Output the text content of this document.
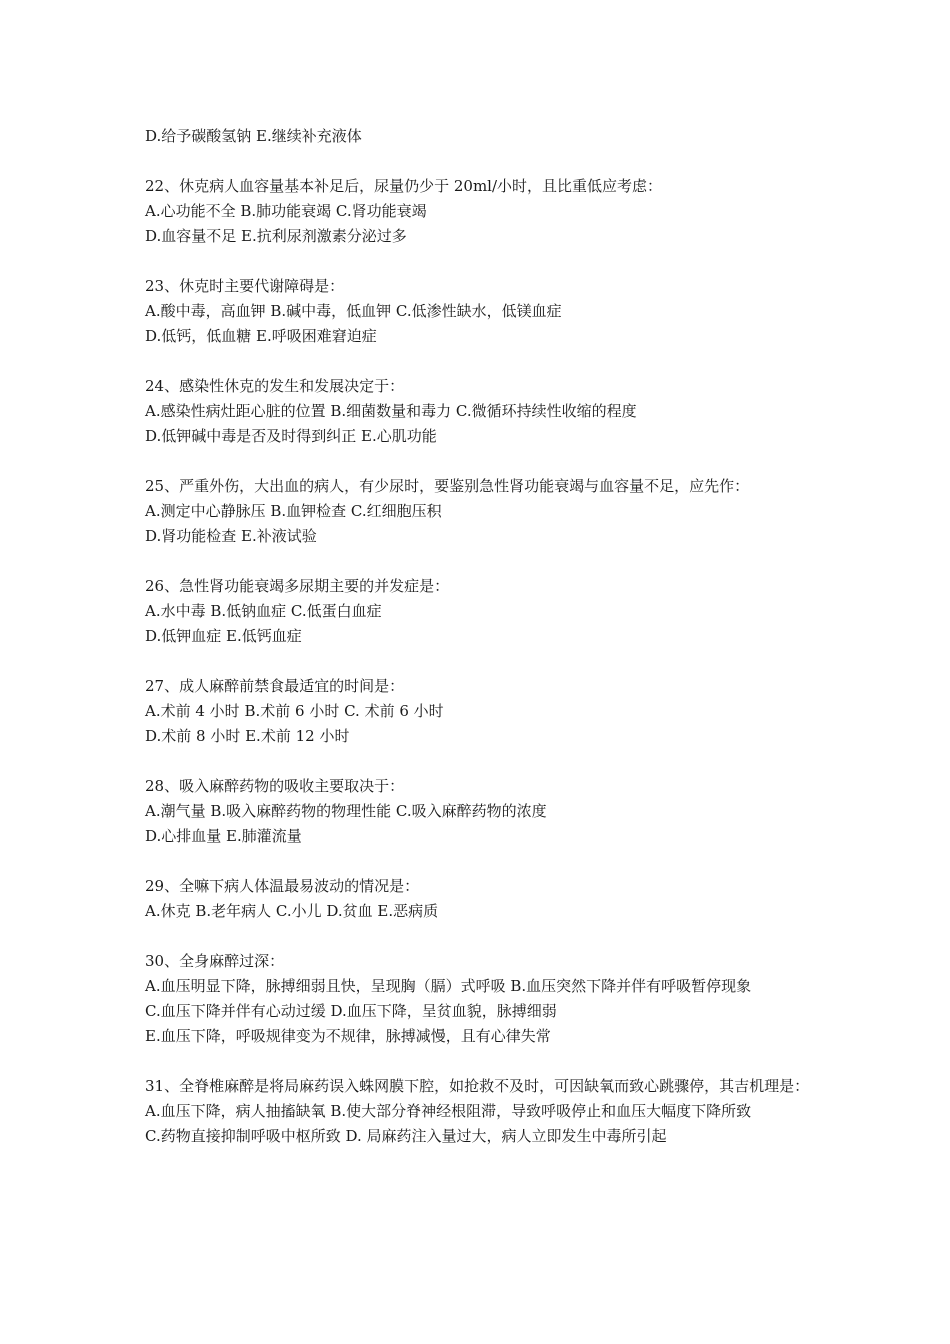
D.给予碳酸氢钠 E.继续补充液体
22、休克病人血容量基本补足后，尿量仍少于 20ml/小时，且比重低应考虑：
A.心功能不全 B.肺功能衰竭 C.肾功能衰竭
D.血容量不足 E.抗利尿剂激素分泌过多
23、休克时主要代谢障碍是：
A.酸中毒，高血钾 B.碱中毒，低血钾 C.低渗性缺水，低镁血症
D.低钙，低血糖 E.呼吸困难窘迫症
24、感染性休克的发生和发展决定于：
A.感染性病灶距心脏的位置 B.细菌数量和毒力 C.微循环持续性收缩的程度
D.低钾碱中毒是否及时得到纠正 E.心肌功能
25、严重外伤，大出血的病人，有少尿时，要鉴别急性肾功能衰竭与血容量不足，应先作：
A.测定中心静脉压 B.血钾检查 C.红细胞压积
D.肾功能检查 E.补液试验
26、急性肾功能衰竭多尿期主要的并发症是：
A.水中毒 B.低钠血症 C.低蛋白血症
D.低钾血症 E.低钙血症
27、成人麻醉前禁食最适宜的时间是：
A.术前 4 小时 B.术前 6 小时 C. 术前 6 小时
D.术前 8 小时 E.术前 12 小时
28、吸入麻醉药物的吸收主要取决于：
A.潮气量 B.吸入麻醉药物的物理性能 C.吸入麻醉药物的浓度
D.心排血量 E.肺灌流量
29、全嘛下病人体温最易波动的情况是：
A.休克 B.老年病人 C.小儿 D.贫血 E.恶病质
30、全身麻醉过深：
A.血压明显下降，脉搏细弱且快，呈现胸（膈）式呼吸 B.血压突然下降并伴有呼吸暂停现象
C.血压下降并伴有心动过缓 D.血压下降，呈贫血貌，脉搏细弱
E.血压下降，呼吸规律变为不规律，脉搏减慢，且有心律失常
31、全脊椎麻醉是将局麻药误入蛛网膜下腔，如抢救不及时，可因缺氧而致心跳骤停，其吉机理是：
A.血压下降，病人抽搐缺氧 B.使大部分脊神经根阻滞，导致呼吸停止和血压大幅度下降所致
C.药物直接抑制呼吸中枢所致 D. 局麻药注入量过大，病人立即发生中毒所引起
